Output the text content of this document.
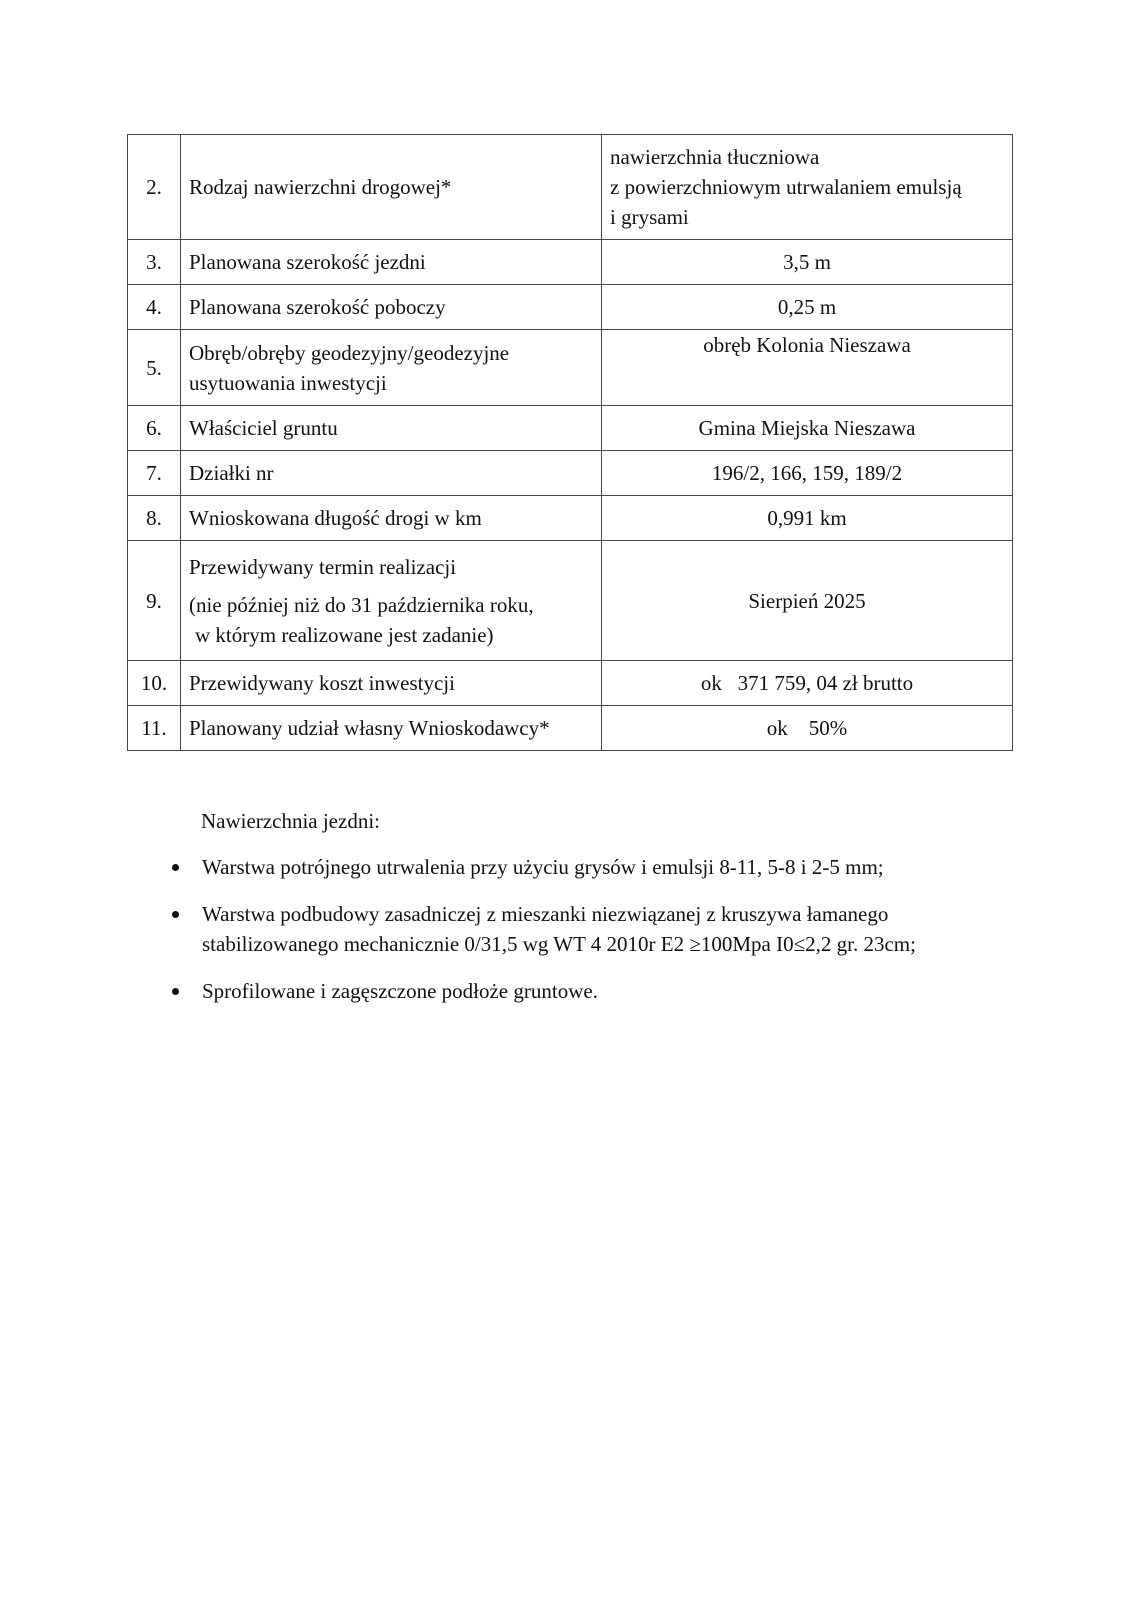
2.	Rodzaj nawierzchni drogowej*	nawierzchnia tłuczniowa
z powierzchniowym utrwalaniem emulsją
i grysami

3.	Planowana szerokość jezdni	3,5 m
4.	Planowana szerokość poboczy	0,25 m
5.	Obręb/obręby geodezyjny/geodezyjne
usytuowania inwestycji	obręb Kolonia Nieszawa
6.	Właściciel gruntu	Gmina Miejska Nieszawa
7.	Działki nr	196/2, 166, 159, 189/2
8.	Wnioskowana długość drogi w km	0,991 km
9.	Przewidywany termin realizacji
(nie później niż do 31 października roku,
w którym realizowane jest zadanie)	Sierpień 2025
10.	Przewidywany koszt inwestycji	ok   371 759, 04 zł brutto
11.	Planowany udział własny Wnioskodawcy*	ok    50%

Nawierzchnia jezdni:

Warstwa potrójnego utrwalenia przy użyciu grysów i emulsji 8-11, 5-8 i 2-5 mm;
Warstwa podbudowy zasadniczej z mieszanki niezwiązanej z kruszywa łamanego stabilizowanego mechanicznie 0/31,5 wg WT 4 2010r E2 ≥100Mpa I0≤2,2 gr. 23cm;
Sprofilowane i zagęszczone podłoże gruntowe.
